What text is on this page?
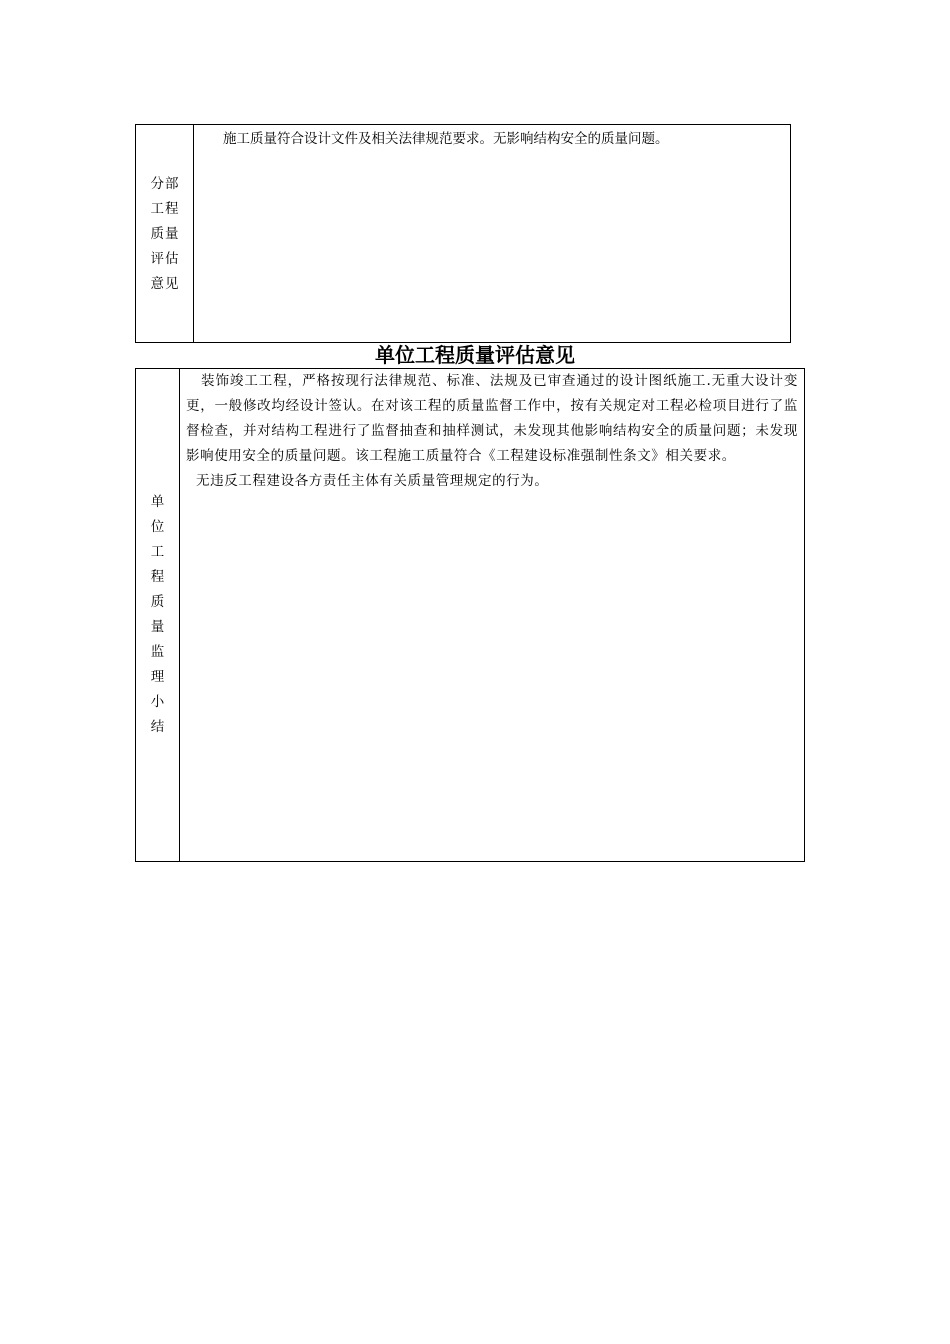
分部
工程
质量
评估
意见
施工质量符合设计文件及相关法律规范要求。无影响结构安全的质量问题。
单位工程质量评估意见
单
位
工
程
质
量
监
理
小
结

装饰竣工工程，严格按现行法律规范、标准、法规及已审查通过的设计图纸施工.无重大设计变更，一般修改均经设计签认。在对该工程的质量监督工作中，按有关规定对工程必检项目进行了监督检查，并对结构工程进行了监督抽查和抽样测试，未发现其他影响结构安全的质量问题；未发现影响使用安全的质量问题。该工程施工质量符合《工程建设标准强制性条文》相关要求。

无违反工程建设各方责任主体有关质量管理规定的行为。
